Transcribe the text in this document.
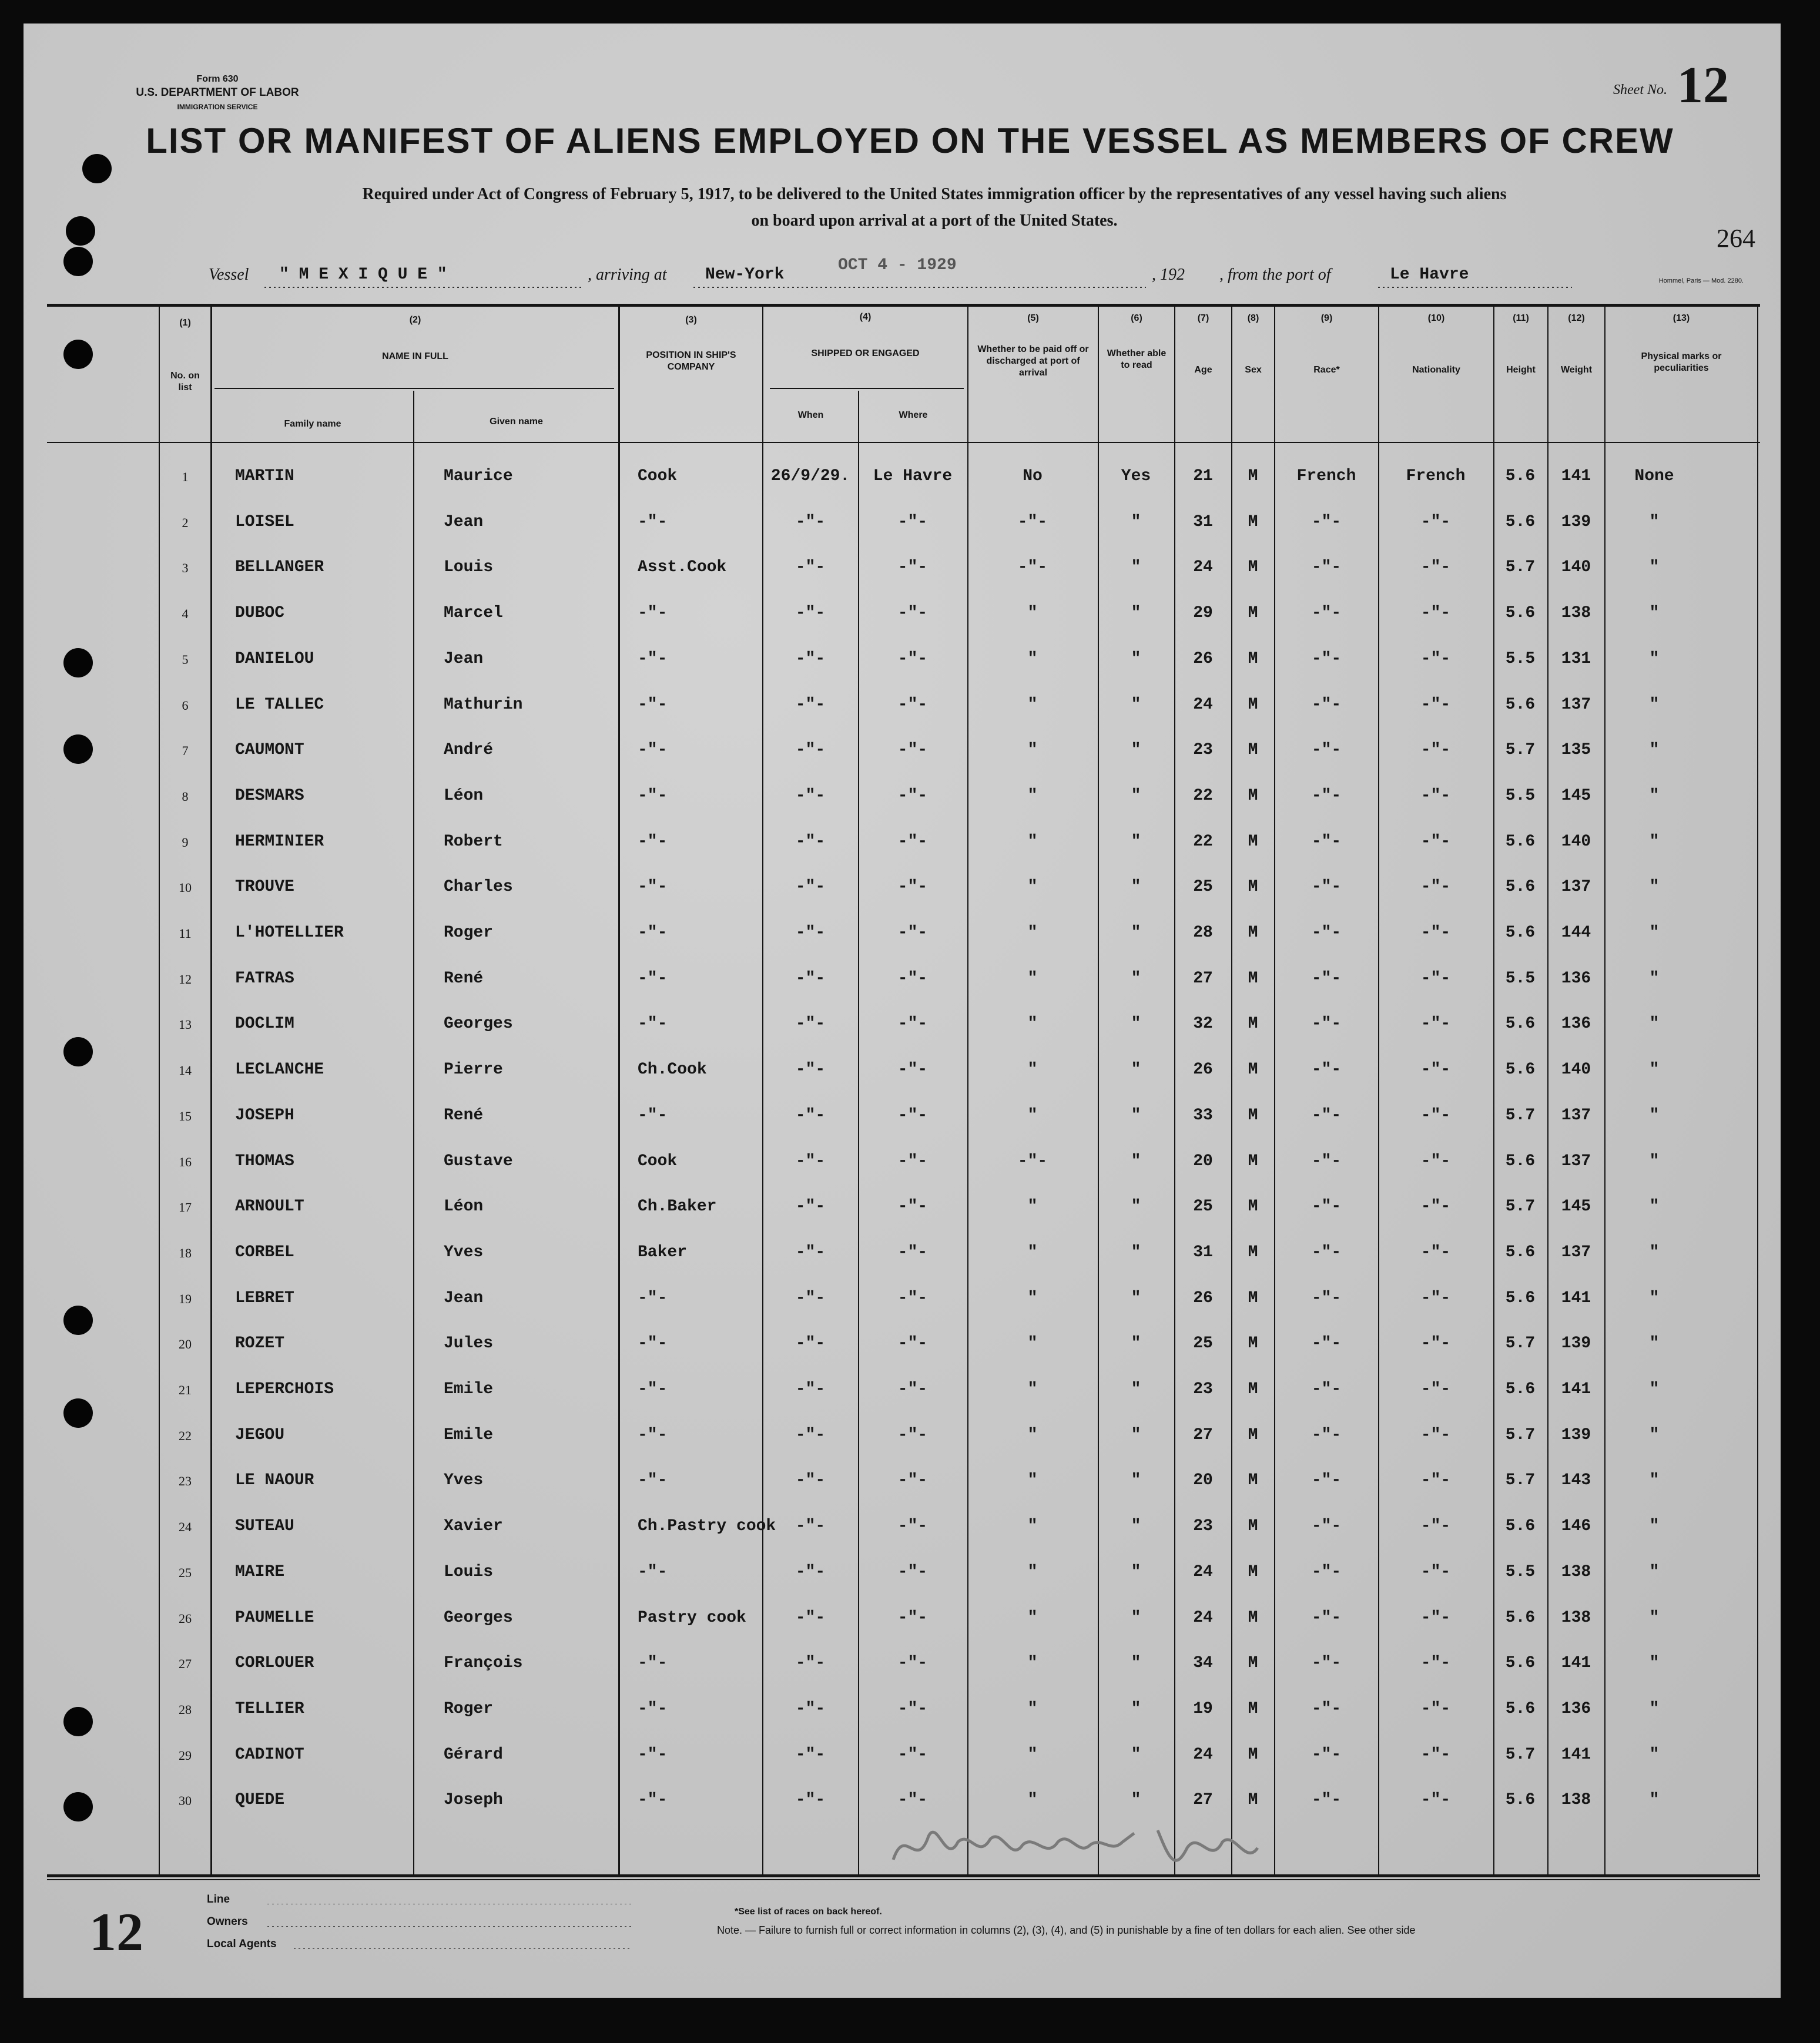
Form 630
U.S. DEPARTMENT OF LABOR
IMMIGRATION SERVICE
Sheet No. 12
LIST OR MANIFEST OF ALIENS EMPLOYED ON THE VESSEL AS MEMBERS OF CREW
Required under Act of Congress of February 5, 1917, to be delivered to the United States immigration officer by the representatives of any vessel having such aliens
on board upon arrival at a port of the United States.
264
Vessel " M E X I Q U E "	, arriving at New-York
OCT 4 - 1929
, 192 , from the port of	Le Havre	Hommel, Paris — Mod. 2280.
(1)
No. on list
(2)
NAME IN FULL
Family name	Given name
(3)
POSITION IN SHIP'S COMPANY
(4)
SHIPPED OR ENGAGED
When	Where
(5)
Whether to be paid off or discharged at port of arrival
(6)
Whether able to read
(7)
Age
(8)
Sex
(9)
Race*
(10)
Nationality
(11)
Height
(12)
Weight
(13)
Physical marks or peculiarities
1	MARTIN	Maurice	Cook	26/9/29.	Le Havre	No	Yes	21	M	French	French	5.6	141	None
2	LOISEL	Jean	-"-	-"-	-"-	-"-	"	31	M	-"-	-"-	5.6	139	"
3	BELLANGER	Louis	Asst.Cook	-"-	-"-	-"-	"	24	M	-"-	-"-	5.7	140	"
4	DUBOC	Marcel	-"-	-"-	-"-	"	"	29	M	-"-	-"-	5.6	138	"
5	DANIELOU	Jean	-"-	-"-	-"-	"	"	26	M	-"-	-"-	5.5	131	"
6	LE TALLEC	Mathurin	-"-	-"-	-"-	"	"	24	M	-"-	-"-	5.6	137	"
7	CAUMONT	André	-"-	-"-	-"-	"	"	23	M	-"-	-"-	5.7	135	"
8	DESMARS	Léon	-"-	-"-	-"-	"	"	22	M	-"-	-"-	5.5	145	"
9	HERMINIER	Robert	-"-	-"-	-"-	"	"	22	M	-"-	-"-	5.6	140	"
10	TROUVE	Charles	-"-	-"-	-"-	"	"	25	M	-"-	-"-	5.6	137	"
11	L'HOTELLIER	Roger	-"-	-"-	-"-	"	"	28	M	-"-	-"-	5.6	144	"
12	FATRAS	René	-"-	-"-	-"-	"	"	27	M	-"-	-"-	5.5	136	"
13	DOCLIM	Georges	-"-	-"-	-"-	"	"	32	M	-"-	-"-	5.6	136	"
14	LECLANCHE	Pierre	Ch.Cook	-"-	-"-	"	"	26	M	-"-	-"-	5.6	140	"
15	JOSEPH	René	-"-	-"-	-"-	"	"	33	M	-"-	-"-	5.7	137	"
16	THOMAS	Gustave	Cook	-"-	-"-	-"-	"	20	M	-"-	-"-	5.6	137	"
17	ARNOULT	Léon	Ch.Baker	-"-	-"-	"	"	25	M	-"-	-"-	5.7	145	"
18	CORBEL	Yves	Baker	-"-	-"-	"	"	31	M	-"-	-"-	5.6	137	"
19	LEBRET	Jean	-"-	-"-	-"-	"	"	26	M	-"-	-"-	5.6	141	"
20	ROZET	Jules	-"-	-"-	-"-	"	"	25	M	-"-	-"-	5.7	139	"
21	LEPERCHOIS	Emile	-"-	-"-	-"-	"	"	23	M	-"-	-"-	5.6	141	"
22	JEGOU	Emile	-"-	-"-	-"-	"	"	27	M	-"-	-"-	5.7	139	"
23	LE NAOUR	Yves	-"-	-"-	-"-	"	"	20	M	-"-	-"-	5.7	143	"
24	SUTEAU	Xavier	Ch.Pastry cook	-"-	-"-	"	"	23	M	-"-	-"-	5.6	146	"
25	MAIRE	Louis	-"-	-"-	-"-	"	"	24	M	-"-	-"-	5.5	138	"
26	PAUMELLE	Georges	Pastry cook	-"-	-"-	"	"	24	M	-"-	-"-	5.6	138	"
27	CORLOUER	François	-"-	-"-	-"-	"	"	34	M	-"-	-"-	5.6	141	"
28	TELLIER	Roger	-"-	-"-	-"-	"	"	19	M	-"-	-"-	5.6	136	"
29	CADINOT	Gérard	-"-	-"-	-"-	"	"	24	M	-"-	-"-	5.7	141	"
30	QUEDE	Joseph	-"-	-"-	-"-	"	"	27	M	-"-	-"-	5.6	138	"
Line
Owners
Local Agents
12	*See list of races on back hereof.
Note. — Failure to furnish full or correct information in columns (2), (3), (4), and (5) in punishable by a fine of ten dollars for each alien. See other side
